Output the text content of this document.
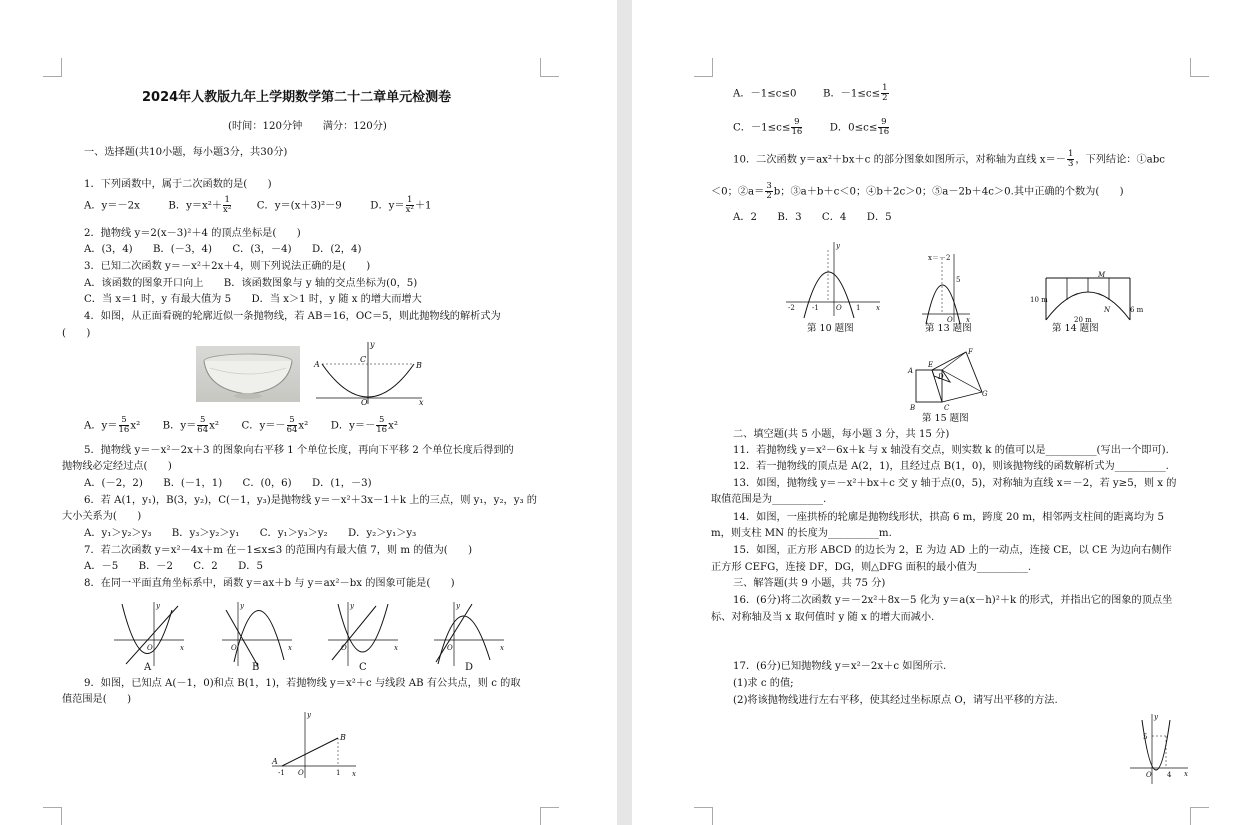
2024年人教版九年上学期数学第二十二章单元检测卷
(时间：120分钟　　满分：120分)
一、选择题(共10小题，每小题3分，共30分)
1．下列函数中，属于二次函数的是(　　)
A．y＝－2x	B．$y=x^2+ \frac{1}{\text{x²}}$	C．y＝(x＋3)²－9	D．$y= \frac{1}{\text{x²}} +1$
2．抛物线 y＝2(x－3)²＋4 的顶点坐标是(　　)
A．(3，4)　　B．(－3，4)　　C．(3，－4)　　D．(2，4)
3．已知二次函数 y＝－x²＋2x＋4，则下列说法正确的是(　　)
A．该函数的图象开口向上　　B．该函数图象与 y 轴的交点坐标为(0，5)
C．当 x＝1 时，y 有最大值为 5　　D．当 x＞1 时，y 随 x 的增大而增大
4．如图，从正面看碗的轮廓近似一条抛物线，若 AB＝16，OC＝5，则此抛物线的解析式为
(　　)
A	B
C
O	x
y
A．$y= \frac{5}{16} x^2$ B．$y= \frac{5}{64} x^2$ C．$y=- \frac{5}{64} x^2$ D．$y=- \frac{5}{16} x^2$
5．抛物线 y＝－x²－2x＋3 的图象向右平移 1 个单位长度，再向下平移 2 个单位长度后得到的
抛物线必定经过点(　　)
A．(－2，2)　　B．(－1，1)　　C．(0，6)　　D．(1，－3)
6．若 A(1，y₁)，B(3，y₂)，C(－1，y₃)是抛物线 y＝－x²＋3x－1＋k 上的三点，则 y₁，y₂，y₃ 的
大小关系为(　　)
A．y₁＞y₂＞y₃　　B．y₃＞y₂＞y₁　　C．y₁＞y₃＞y₂　　D．y₂＞y₁＞y₃
7．若二次函数 y＝x²－4x＋m 在－1≤x≤3 的范围内有最大值 7，则 m 的值为(　　)
A．－5　　B．－2　　C．2　　D．5
8．在同一平面直角坐标系中，函数 y＝ax＋b 与 y＝ax²－bx 的图象可能是(　　)
O	x
y
A
O	x
y
B
O	x
y
C
O	x
y
D
9．如图，已知点 A(－1，0)和点 B(1，1)，若抛物线 y＝x²＋c 与线段 AB 有公共点，则 c 的取
值范围是(　　)
A
B
-1 O	1 x
y
A．－1≤c≤0	B．$-1\le c\le \frac{1}{2}$
C．$-1\le c\le \frac{9}{16}$	D．$0\le c\le \frac{9}{16}$
10．二次函数 y＝ax²＋bx＋c 的部分图象如图所示，对称轴为直线 $x=- \frac{1}{3}$ ，下列结论：①abc
＜0；②a＝ $\frac{3}{2}$ b；③a＋b＋c＜0；④b＋2c＞0；⑤a－2b＋4c＞0.其中正确的个数为(　　)
A．2　　B．3　　C．4　　D．5
-2 -1 O 1 x
y
第 10 题图
x＝－2
5
O x
第 13 题图
10 m
6 m
20 m
M
N
第 14 题图
A
E
F
D
G
B	C
第 15 题图
二、填空题(共 5 小题，每小题 3 分，共 15 分)
11．若抛物线 y＝x²－6x＋k 与 x 轴没有交点，则实数 k 的值可以是__________(写出一个即可).
12．若一抛物线的顶点是 A(2，1)，且经过点 B(1，0)，则该抛物线的函数解析式为__________.
13．如图，抛物线 y＝－x²＋bx＋c 交 y 轴于点(0，5)，对称轴为直线 x＝－2，若 y≥5，则 x 的
取值范围是为__________.
14．如图，一座拱桥的轮廓是抛物线形状，拱高 6 m，跨度 20 m，相邻两支柱间的距离均为 5
m，则支柱 MN 的长度为__________m.
15．如图，正方形 ABCD 的边长为 2，E 为边 AD 上的一动点，连接 CE，以 CE 为边向右侧作
正方形 CEFG，连接 DF，DG，则△DFG 面积的最小值为__________.
三、解答题(共 9 小题，共 75 分)
16．(6分)将二次函数 y＝－2x²＋8x－5 化为 y＝a(x－h)²＋k 的形式，并指出它的图象的顶点坐
标、对称轴及当 x 取何值时 y 随 x 的增大而减小.
17．(6分)已知抛物线 y＝x²－2x＋c 如图所示.
(1)求 c 的值;
(2)将该抛物线进行左右平移，使其经过坐标原点 O，请写出平移的方法.
5
4
O	x
y
